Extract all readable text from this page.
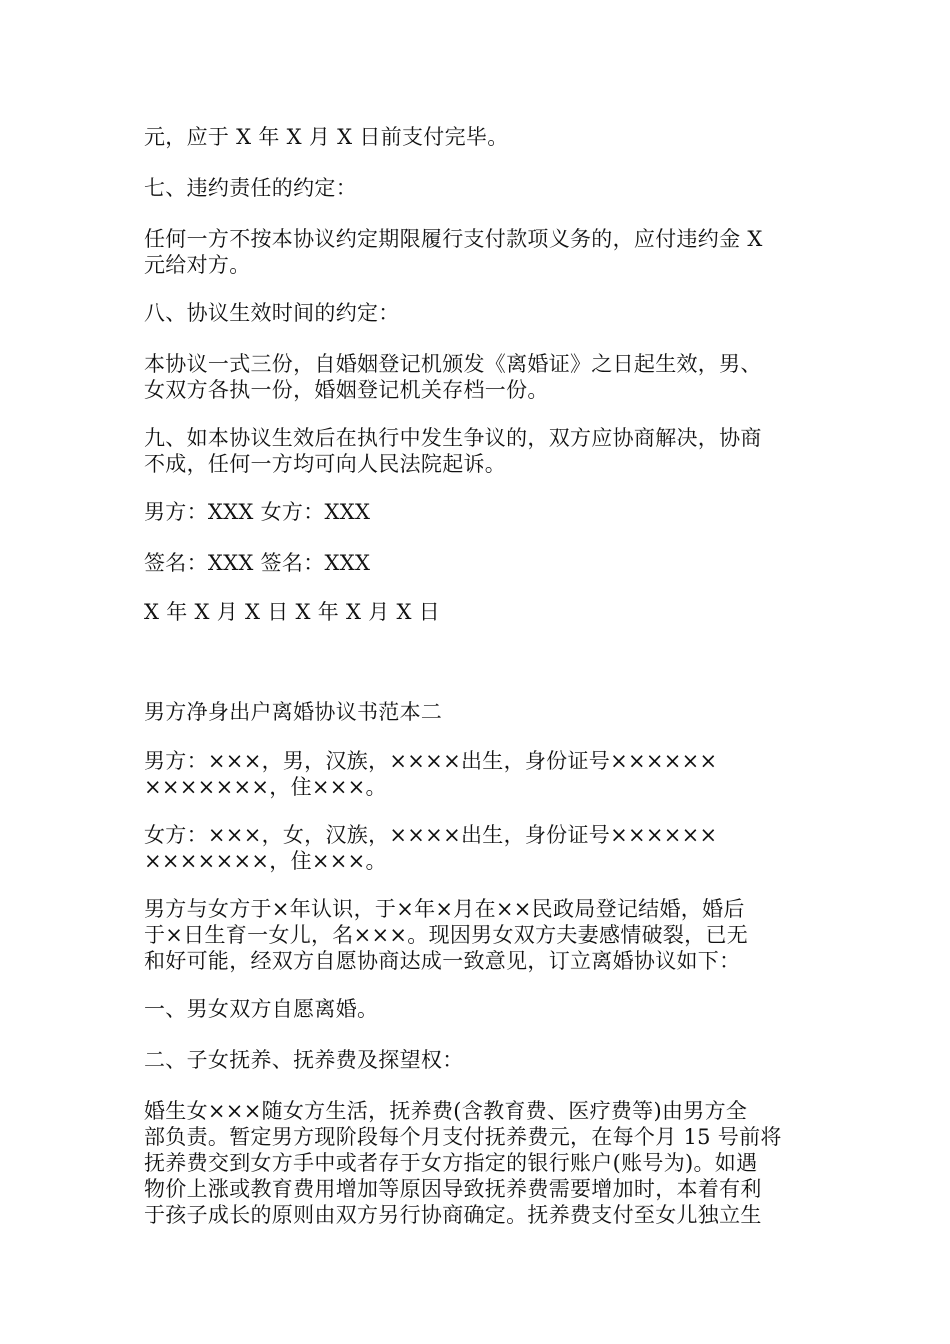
元，应于 X 年 X 月 X 日前支付完毕。

七、违约责任的约定：

任何一方不按本协议约定期限履行支付款项义务的，应付违约金 X
元给对方。

八、协议生效时间的约定：

本协议一式三份，自婚姻登记机颁发《离婚证》之日起生效，男、
女双方各执一份，婚姻登记机关存档一份。

九、如本协议生效后在执行中发生争议的，双方应协商解决，协商
不成，任何一方均可向人民法院起诉。

男方：XXX 女方：XXX

签名：XXX 签名：XXX

X 年 X 月 X 日 X 年 X 月 X 日

男方净身出户离婚协议书范本二

男方：×××，男，汉族，××××出生，身份证号××××××
×××××××，住×××。

女方：×××，女，汉族，××××出生，身份证号××××××
×××××××，住×××。

男方与女方于×年认识，于×年×月在××民政局登记结婚，婚后
于×日生育一女儿，名×××。现因男女双方夫妻感情破裂，已无
和好可能，经双方自愿协商达成一致意见，订立离婚协议如下：

一、男女双方自愿离婚。

二、子女抚养、抚养费及探望权：

婚生女×××随女方生活，抚养费(含教育费、医疗费等)由男方全
部负责。暂定男方现阶段每个月支付抚养费元，在每个月 15 号前将
抚养费交到女方手中或者存于女方指定的银行账户(账号为)。如遇
物价上涨或教育费用增加等原因导致抚养费需要增加时，本着有利
于孩子成长的原则由双方另行协商确定。抚养费支付至女儿独立生
